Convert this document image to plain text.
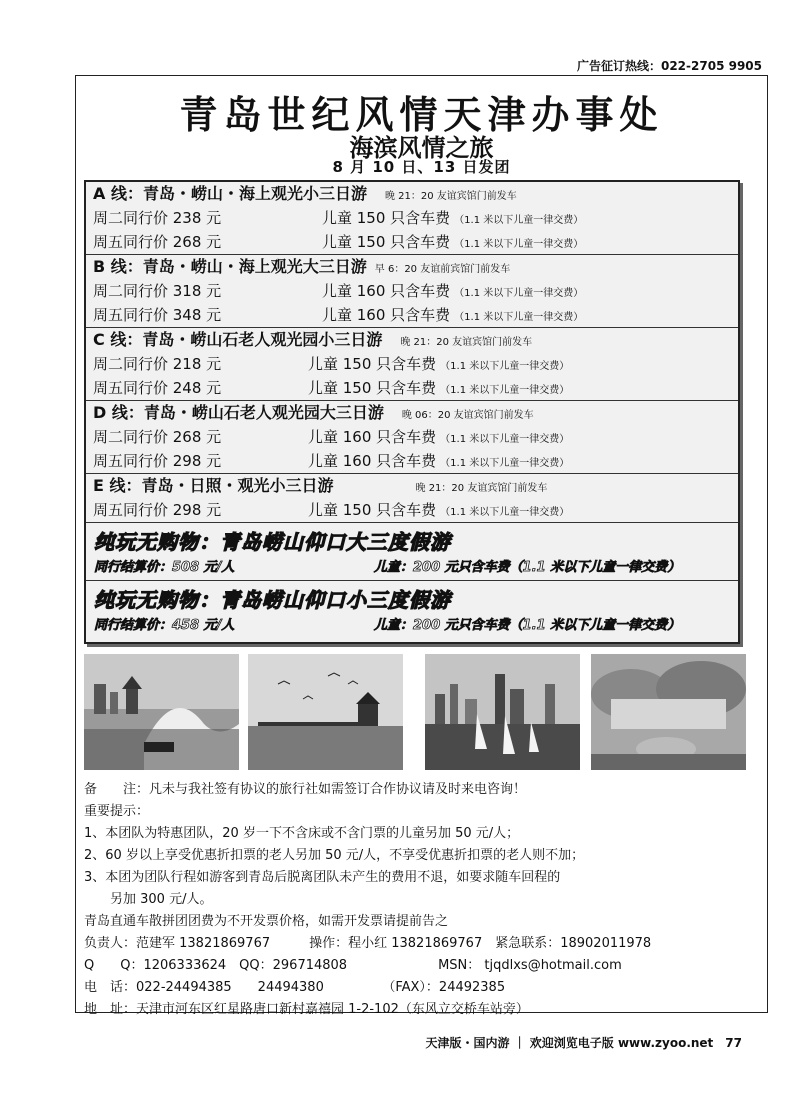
广告征订热线：022-2705 9905
青岛世纪风情天津办事处
海滨风情之旅
8 月 10 日、13 日发团
A 线：青岛・崂山・海上观光小三日游 晚 21：20 友谊宾馆门前发车
周二同行价 238 元	儿童 150 只含车费 （1.1 米以下儿童一律交费）
周五同行价 268 元	儿童 150 只含车费 （1.1 米以下儿童一律交费）
B 线：青岛・崂山・海上观光大三日游 早 6：20 友谊前宾馆门前发车
周二同行价 318 元	儿童 160 只含车费 （1.1 米以下儿童一律交费）
周五同行价 348 元	儿童 160 只含车费 （1.1 米以下儿童一律交费）
C 线：青岛・崂山石老人观光园小三日游 晚 21：20 友谊宾馆门前发车
周二同行价 218 元	儿童 150 只含车费 （1.1 米以下儿童一律交费）
周五同行价 248 元	儿童 150 只含车费 （1.1 米以下儿童一律交费）
D 线：青岛・崂山石老人观光园大三日游 晚 06：20 友谊宾馆门前发车
周二同行价 268 元	儿童 160 只含车费 （1.1 米以下儿童一律交费）
周五同行价 298 元	儿童 160 只含车费 （1.1 米以下儿童一律交费）
E 线：青岛・日照・观光小三日游	晚 21：20 友谊宾馆门前发车
周五同行价 298 元	儿童 150 只含车费 （1.1 米以下儿童一律交费）
纯玩无购物：青岛崂山仰口大三度假游
同行结算价：508 元/人	儿童：200 元只含车费（1.1 米以下儿童一律交费）
纯玩无购物：青岛崂山仰口小三度假游
同行结算价：458 元/人	儿童：200 元只含车费（1.1 米以下儿童一律交费）
备　　注：凡未与我社签有协议的旅行社如需签订合作协议请及时来电咨询！
重要提示：
1、本团队为特惠团队，20 岁一下不含床或不含门票的儿童另加 50 元/人；
2、60 岁以上享受优惠折扣票的老人另加 50 元/人，不享受优惠折扣票的老人则不加；
3、本团为团队行程如游客到青岛后脱离团队未产生的费用不退，如要求随车回程的
　　另加 300 元/人。
青岛直通车散拼团团费为不开发票价格，如需开发票请提前告之
负责人：范建军 13821869767　　　操作：程小红 13821869767　紧急联系：18902011978
Q　　Q：1206333624　QQ：296714808　　　　　　　MSN： tjqdlxs@hotmail.com
电　话：022-24494385　　24494380　　　　　（FAX）：24492385
地　址：天津市河东区红星路唐口新村嘉禧园 1-2-102（东风立交桥车站旁）
天津版・国内游 ｜ 欢迎浏览电子版 www.zyoo.net　77
